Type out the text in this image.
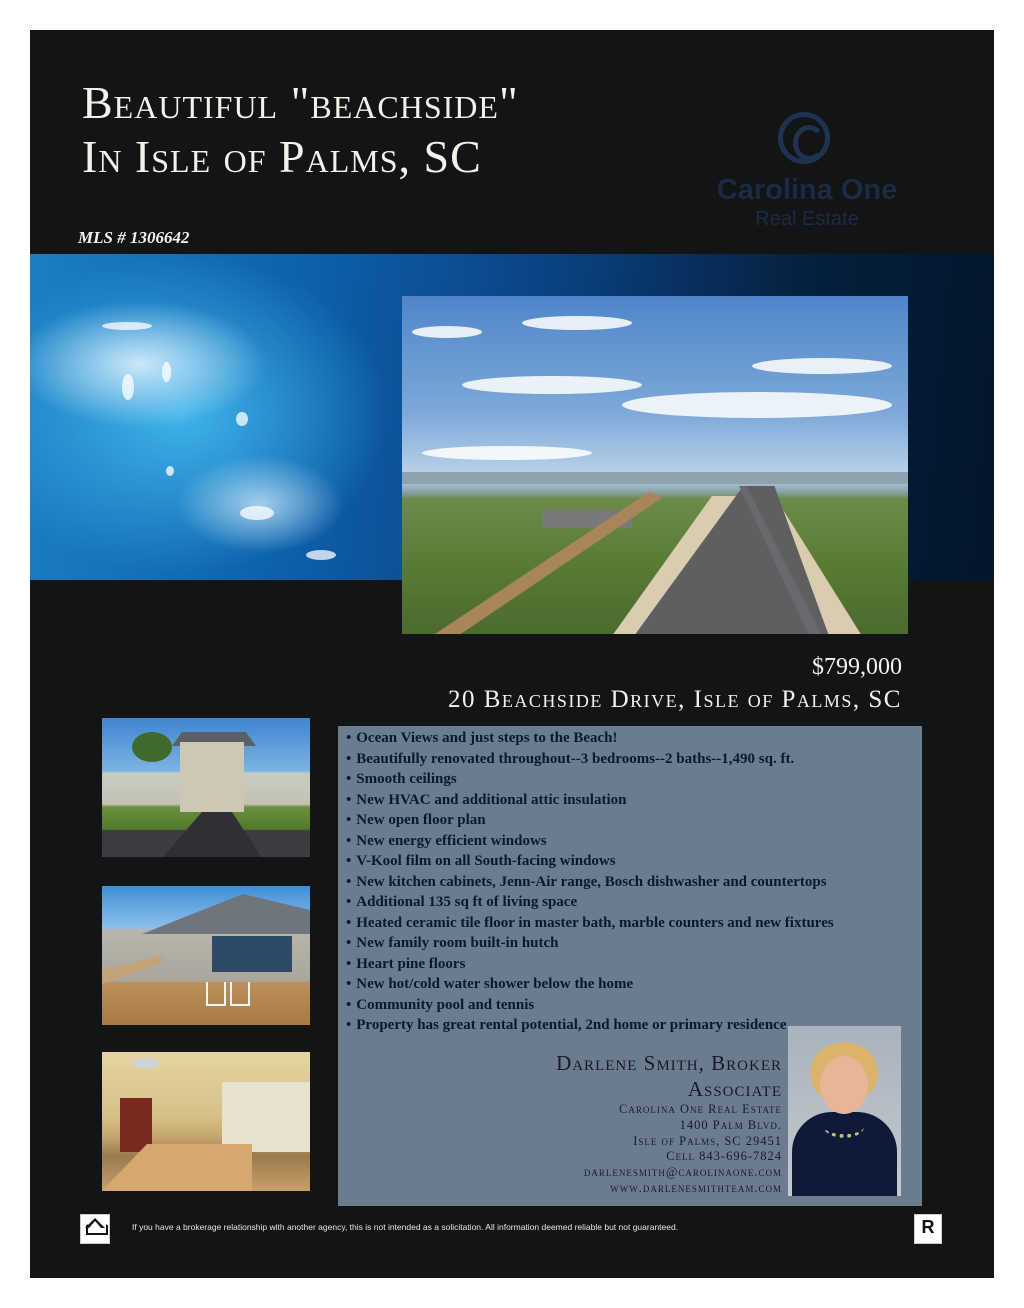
Beautiful "beachside"
In Isle of Palms, SC
MLS # 1306642
Carolina One
Real Estate
$799,000
20 Beachside Drive, Isle of Palms, SC
• Ocean Views and just steps to the Beach!
• Beautifully renovated throughout--3 bedrooms--2 baths--1,490 sq. ft.
• Smooth ceilings
• New HVAC and additional attic insulation
• New open floor plan
• New energy efficient windows
• V-Kool film on all South-facing windows
• New kitchen cabinets, Jenn-Air range, Bosch dishwasher and countertops
• Additional 135 sq ft of living space
• Heated ceramic tile floor in master bath, marble counters and new fixtures
• New family room built-in hutch
• Heart pine floors
• New hot/cold water shower below the home
• Community pool and tennis
• Property has great rental potential, 2nd home or primary residence
Darlene Smith, Broker
Associate
Carolina One Real Estate
1400 Palm Blvd.
Isle of Palms, SC 29451
Cell 843-696-7824
darlenesmith@carolinaone.com
www.darlenesmithteam.com
If you have a brokerage relationship with another agency, this is not intended as a solicitation. All information deemed reliable but not guaranteed.	R
